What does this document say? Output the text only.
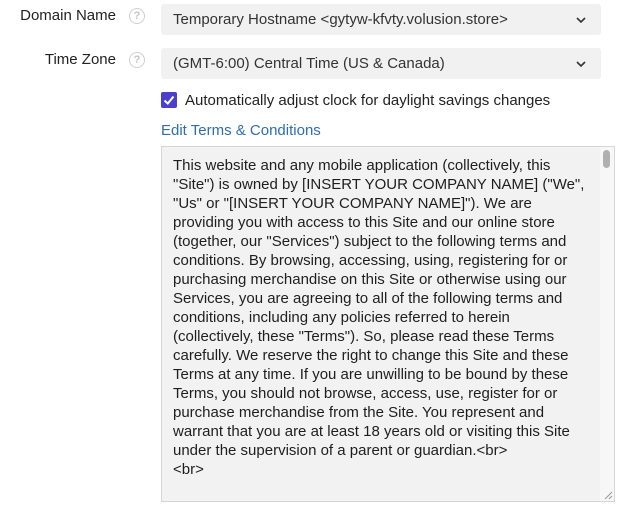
Domain Name	?	Temporary Hostname <gytyw-kfvty.volusion.store>
Time Zone	?	(GMT-6:00) Central Time (US & Canada)
Automatically adjust clock for daylight savings changes
Edit Terms & Conditions
This website and any mobile application (collectively, this "Site") is owned by [INSERT YOUR COMPANY NAME] ("We", "Us" or "[INSERT YOUR COMPANY NAME]"). We are providing you with access to this Site and our online store (together, our "Services") subject to the following terms and conditions. By browsing, accessing, using, registering for or purchasing merchandise on this Site or otherwise using our Services, you are agreeing to all of the following terms and conditions, including any policies referred to herein (collectively, these "Terms"). So, please read these Terms carefully. We reserve the right to change this Site and these Terms at any time. If you are unwilling to be bound by these Terms, you should not browse, access, use, register for or purchase merchandise from the Site. You represent and warrant that you are at least 18 years old or visiting this Site under the supervision of a parent or guardian.<br>
<br>
